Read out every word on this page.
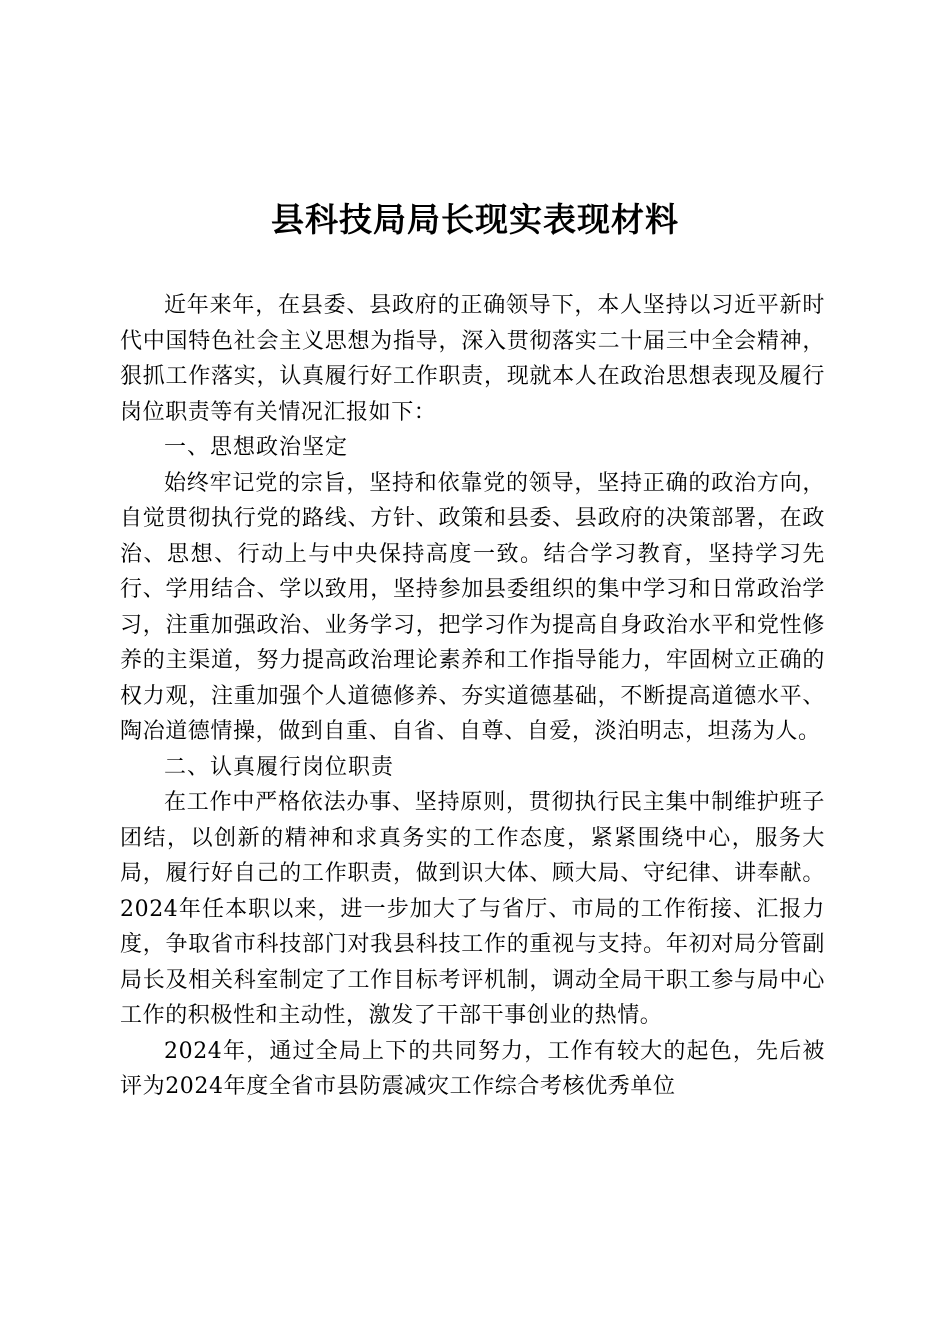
县科技局局长现实表现材料

近年来年，在县委、县政府的正确领导下，本人坚持以习近平新时代中国特色社会主义思想为指导，深入贯彻落实二十届三中全会精神，狠抓工作落实，认真履行好工作职责，现就本人在政治思想表现及履行岗位职责等有关情况汇报如下：

一、思想政治坚定

始终牢记党的宗旨，坚持和依靠党的领导，坚持正确的政治方向，自觉贯彻执行党的路线、方针、政策和县委、县政府的决策部署，在政治、思想、行动上与中央保持高度一致。结合学习教育，坚持学习先行、学用结合、学以致用，坚持参加县委组织的集中学习和日常政治学习，注重加强政治、业务学习，把学习作为提高自身政治水平和党性修养的主渠道，努力提高政治理论素养和工作指导能力，牢固树立正确的权力观，注重加强个人道德修养、夯实道德基础，不断提高道德水平、陶冶道德情操，做到自重、自省、自尊、自爱，淡泊明志，坦荡为人。

二、认真履行岗位职责

在工作中严格依法办事、坚持原则，贯彻执行民主集中制维护班子团结，以创新的精神和求真务实的工作态度，紧紧围绕中心，服务大局，履行好自己的工作职责，做到识大体、顾大局、守纪律、讲奉献。2024年任本职以来，进一步加大了与省厅、市局的工作衔接、汇报力度，争取省市科技部门对我县科技工作的重视与支持。年初对局分管副局长及相关科室制定了工作目标考评机制，调动全局干职工参与局中心工作的积极性和主动性，激发了干部干事创业的热情。

2024年，通过全局上下的共同努力，工作有较大的起色，先后被评为2024年度全省市县防震减灾工作综合考核优秀单位
